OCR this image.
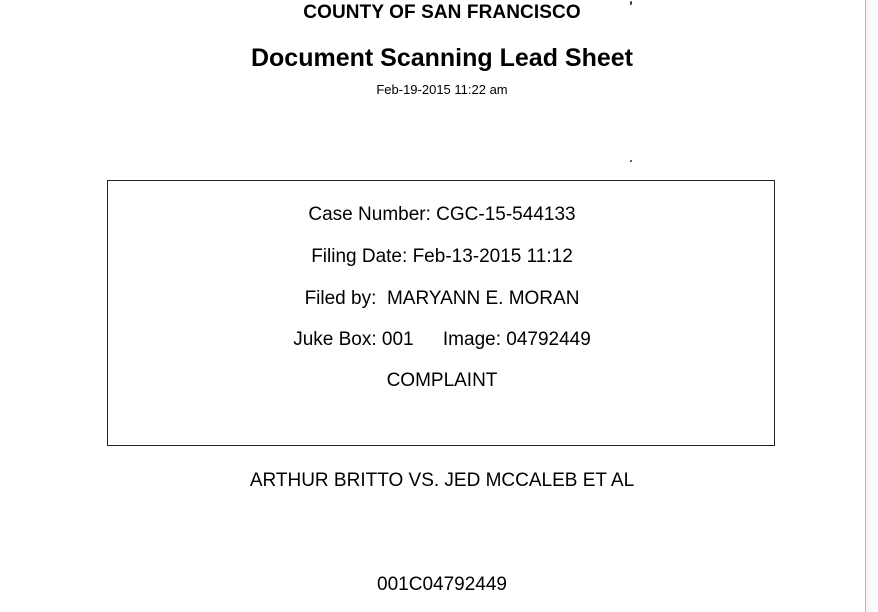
COUNTY OF SAN FRANCISCO
Document Scanning Lead Sheet
Feb-19-2015 11:22 am
Case Number: CGC-15-544133
Filing Date: Feb-13-2015 11:12
Filed by: MARYANN E. MORAN
Juke Box: 001 Image: 04792449
COMPLAINT
ARTHUR BRITTO VS. JED MCCALEB ET AL
001C04792449
